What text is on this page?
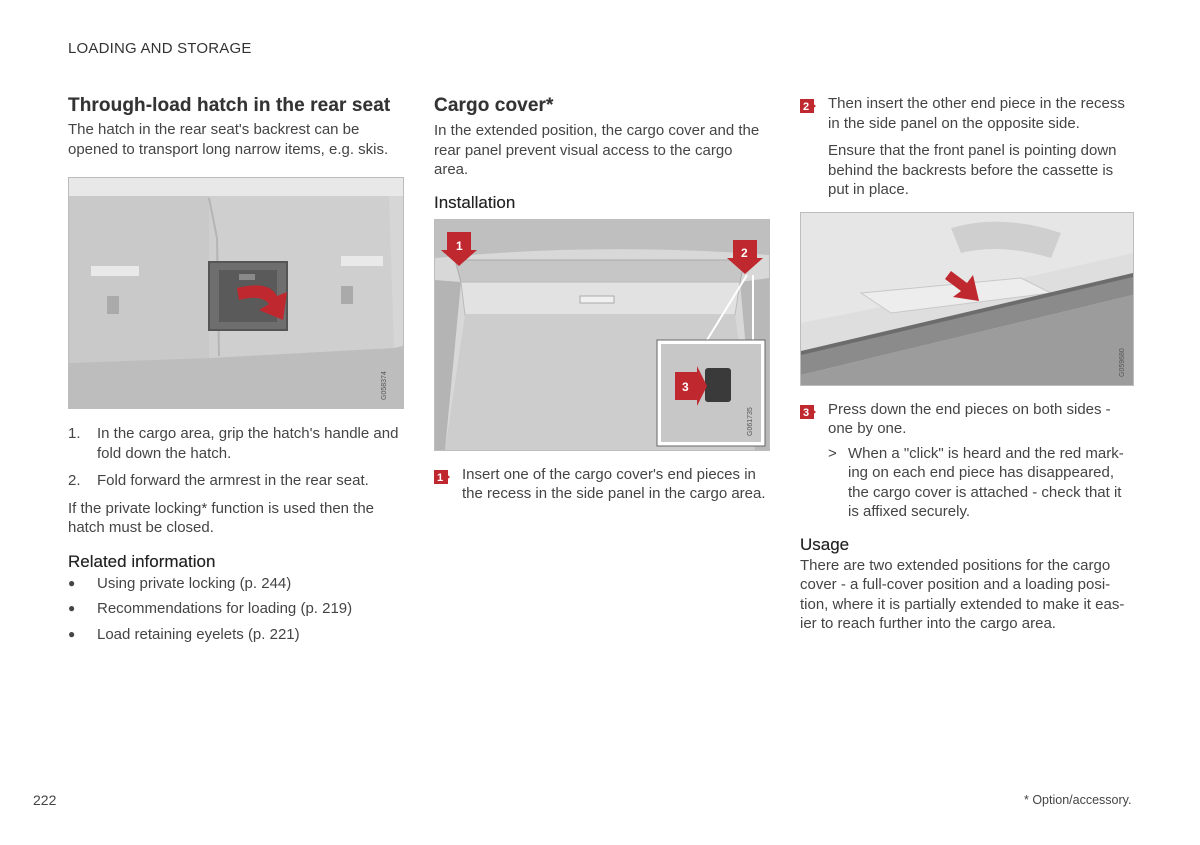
LOADING AND STORAGE
Through-load hatch in the rear seat

The hatch in the rear seat's backrest can be opened to transport long narrow items, e.g. skis.

G058374
1.	In the cargo area, grip the hatch's handle and fold down the hatch.
2.	Fold forward the armrest in the rear seat.

If the private locking* function is used then the hatch must be closed.

Related information
●	Using private locking (p. 244)
●	Recommendations for loading (p. 219)
●	Load retaining eyelets (p. 221)
Cargo cover*

In the extended position, the cargo cover and the rear panel prevent visual access to the cargo area.

Installation
1	2
3
G061735
1 Insert one of the cargo cover's end pieces in the recess in the side panel in the cargo area.
2 Then insert the other end piece in the recess in the side panel on the opposite side.

Ensure that the front panel is pointing down behind the backrests before the cassette is put in place.

G059680
3 Press down the end pieces on both sides - one by one.
> When a "click" is heard and the red mark-ing on each end piece has disappeared, the cargo cover is attached - check that it is affixed securely.
Usage

There are two extended positions for the cargo cover - a full-cover position and a loading posi-tion, where it is partially extended to make it eas-ier to reach further into the cargo area.

222	* Option/accessory.
